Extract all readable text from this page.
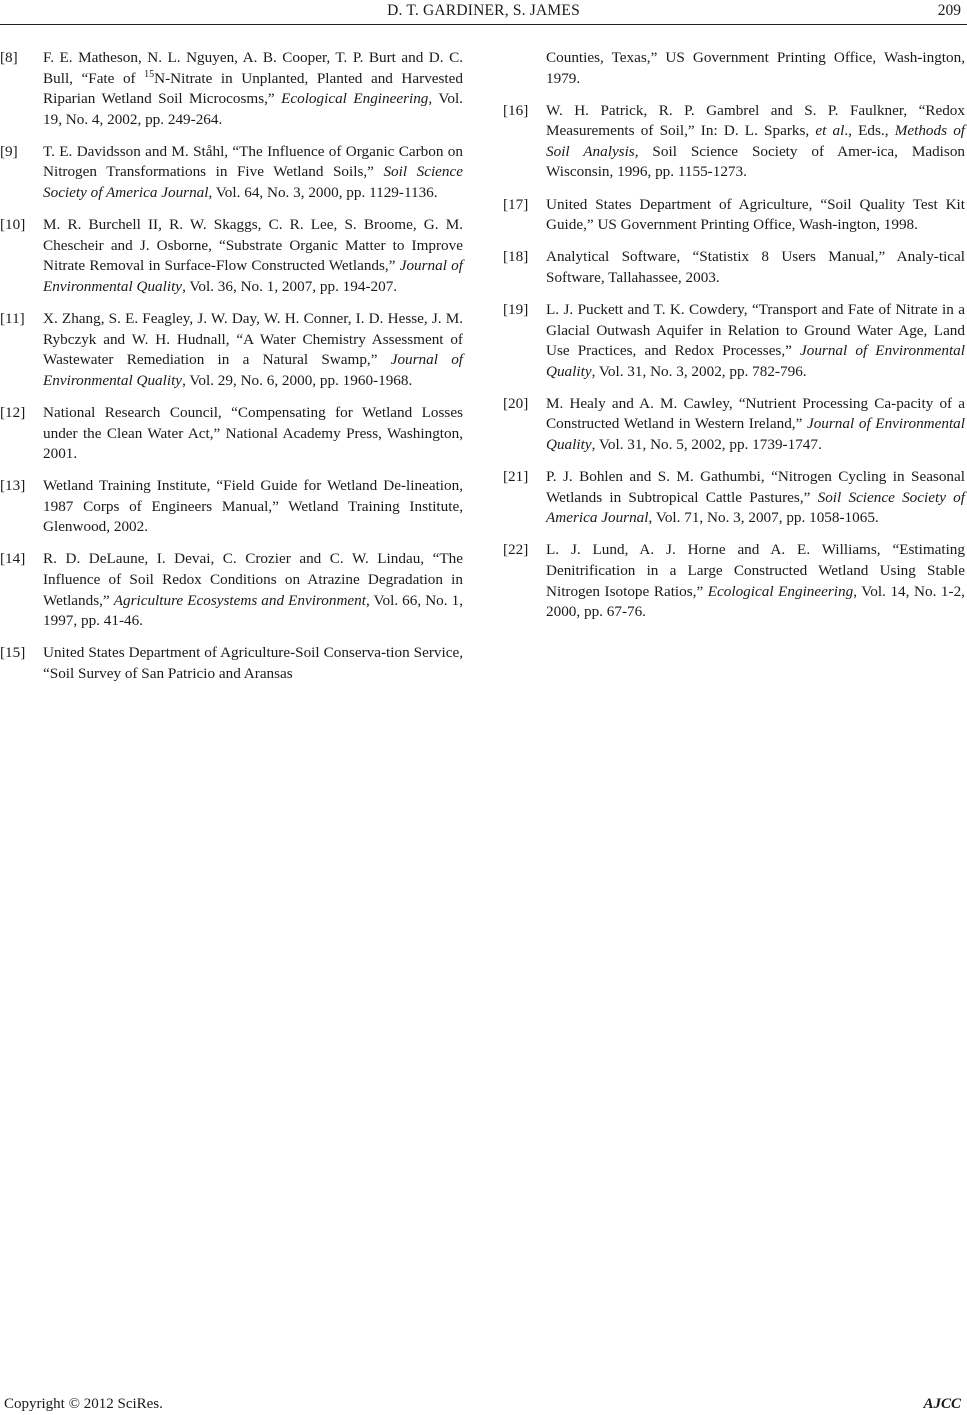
D. T. GARDINER, S. JAMES	209
[8] F. E. Matheson, N. L. Nguyen, A. B. Cooper, T. P. Burt and D. C. Bull, “Fate of $^{15}$N-Nitrate in Unplanted, Planted and Harvested Riparian Wetland Soil Microcosms,” Ecological Engineering, Vol. 19, No. 4, 2002, pp. 249-264.
[9] T. E. Davidsson and M. Ståhl, “The Influence of Organic Carbon on Nitrogen Transformations in Five Wetland Soils,” Soil Science Society of America Journal, Vol. 64, No. 3, 2000, pp. 1129-1136.
[10] M. R. Burchell II, R. W. Skaggs, C. R. Lee, S. Broome, G. M. Chescheir and J. Osborne, “Substrate Organic Matter to Improve Nitrate Removal in Surface-Flow Constructed Wetlands,” Journal of Environmental Quality, Vol. 36, No. 1, 2007, pp. 194-207.
[11] X. Zhang, S. E. Feagley, J. W. Day, W. H. Conner, I. D. Hesse, J. M. Rybczyk and W. H. Hudnall, “A Water Chemistry Assessment of Wastewater Remediation in a Natural Swamp,” Journal of Environmental Quality, Vol. 29, No. 6, 2000, pp. 1960-1968.
[12] National Research Council, “Compensating for Wetland Losses under the Clean Water Act,” National Academy Press, Washington, 2001.
[13] Wetland Training Institute, “Field Guide for Wetland De-lineation, 1987 Corps of Engineers Manual,” Wetland Training Institute, Glenwood, 2002.
[14] R. D. DeLaune, I. Devai, C. Crozier and C. W. Lindau, “The Influence of Soil Redox Conditions on Atrazine Degradation in Wetlands,” Agriculture Ecosystems and Environment, Vol. 66, No. 1, 1997, pp. 41-46.
[15] United States Department of Agriculture-Soil Conserva-tion Service, “Soil Survey of San Patricio and Aransas
Counties, Texas,” US Government Printing Office, Wash-ington, 1979.
[16] W. H. Patrick, R. P. Gambrel and S. P. Faulkner, “Redox Measurements of Soil,” In: D. L. Sparks, et al., Eds., Methods of Soil Analysis, Soil Science Society of Amer-ica, Madison Wisconsin, 1996, pp. 1155-1273.
[17] United States Department of Agriculture, “Soil Quality Test Kit Guide,” US Government Printing Office, Wash-ington, 1998.
[18] Analytical Software, “Statistix 8 Users Manual,” Analy-tical Software, Tallahassee, 2003.
[19] L. J. Puckett and T. K. Cowdery, “Transport and Fate of Nitrate in a Glacial Outwash Aquifer in Relation to Ground Water Age, Land Use Practices, and Redox Processes,” Journal of Environmental Quality, Vol. 31, No. 3, 2002, pp. 782-796.
[20] M. Healy and A. M. Cawley, “Nutrient Processing Ca-pacity of a Constructed Wetland in Western Ireland,” Journal of Environmental Quality, Vol. 31, No. 5, 2002, pp. 1739-1747.
[21] P. J. Bohlen and S. M. Gathumbi, “Nitrogen Cycling in Seasonal Wetlands in Subtropical Cattle Pastures,” Soil Science Society of America Journal, Vol. 71, No. 3, 2007, pp. 1058-1065.
[22] L. J. Lund, A. J. Horne and A. E. Williams, “Estimating Denitrification in a Large Constructed Wetland Using Stable Nitrogen Isotope Ratios,” Ecological Engineering, Vol. 14, No. 1-2, 2000, pp. 67-76.
Copyright © 2012 SciRes.	AJCC
